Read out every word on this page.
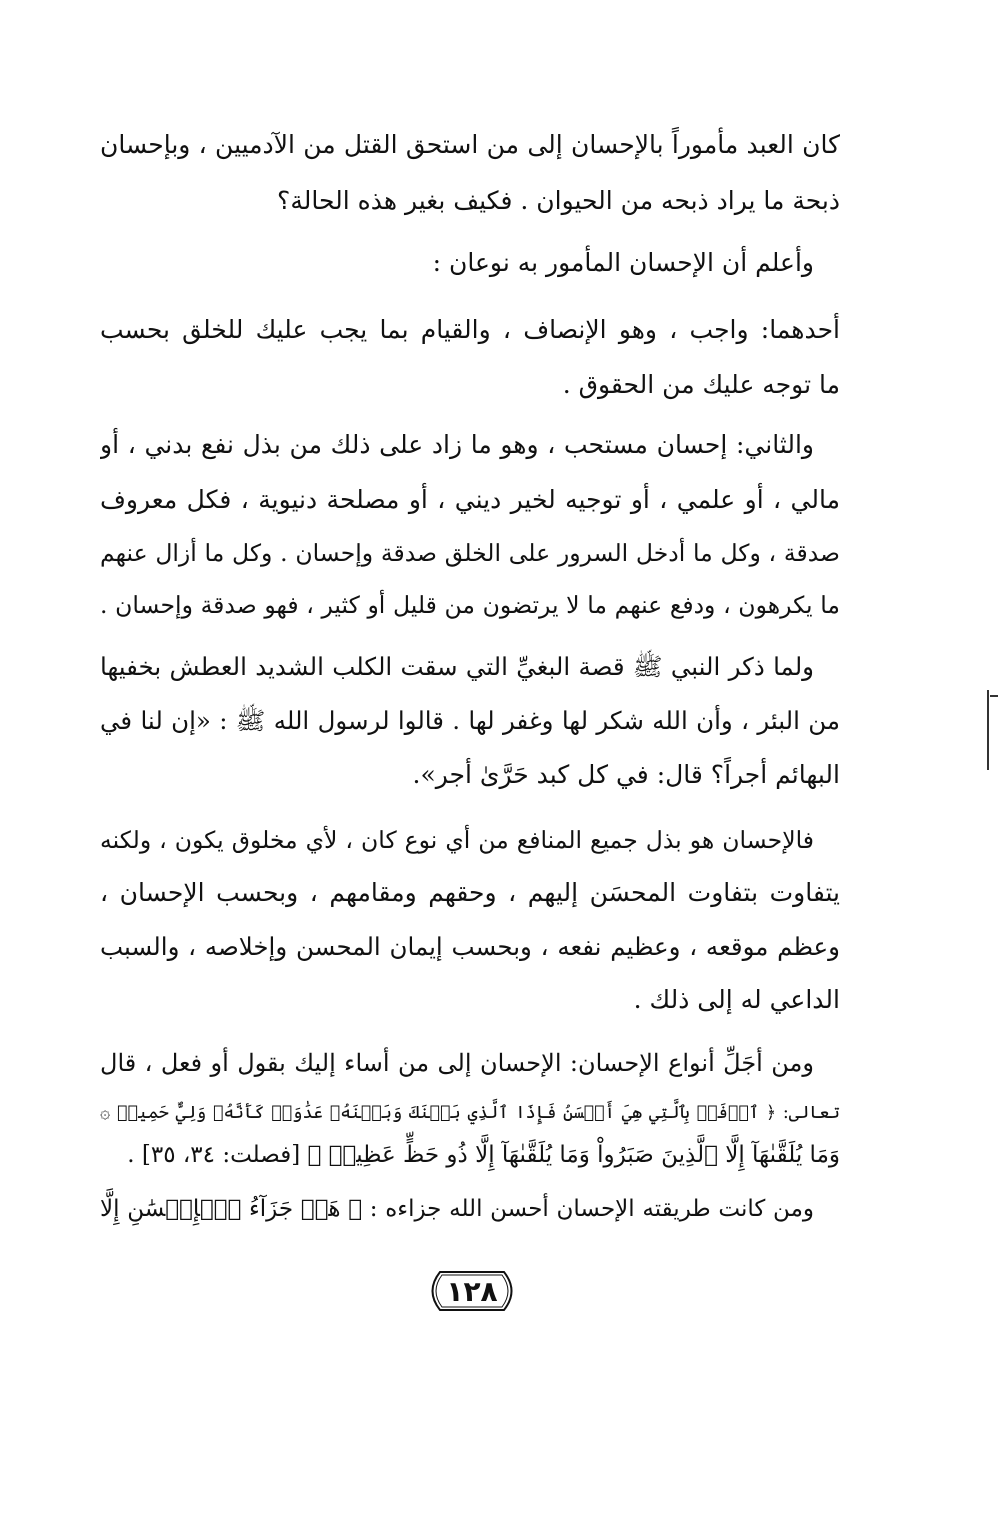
كان العبد مأموراً بالإحسان إلى من استحق القتل من الآدميين ، وبإحسان
ذبحة ما يراد ذبحه من الحيوان . فكيف بغير هذه الحالة؟
وأعلم أن الإحسان المأمور به نوعان :
أحدهما: واجب ، وهو الإنصاف ، والقيام بما يجب عليك للخلق بحسب
ما توجه عليك من الحقوق .
والثاني: إحسان مستحب ، وهو ما زاد على ذلك من بذل نفع بدني ، أو
مالي ، أو علمي ، أو توجيه لخير ديني ، أو مصلحة دنيوية ، فكل معروف
صدقة ، وكل ما أدخل السرور على الخلق صدقة وإحسان . وكل ما أزال عنهم
ما يكرهون ، ودفع عنهم ما لا يرتضون من قليل أو كثير ، فهو صدقة وإحسان .
ولما ذكر النبي ﷺ قصة البغيِّ التي سقت الكلب الشديد العطش بخفيها
من البئر ، وأن الله شكر لها وغفر لها . قالوا لرسول الله ﷺ : «إن لنا في
البهائم أجراً؟ قال: في كل كبد حَرَّىٰ أجر».
فالإحسان هو بذل جميع المنافع من أي نوع كان ، لأي مخلوق يكون ، ولكنه
يتفاوت بتفاوت المحسَن إليهم ، وحقهم ومقامهم ، وبحسب الإحسان ،
وعظم موقعه ، وعظيم نفعه ، وبحسب إيمان المحسن وإخلاصه ، والسبب
الداعي له إلى ذلك .
ومن أجَلِّ أنواع الإحسان: الإحسان إلى من أساء إليك بقول أو فعل ، قال
تعالى: ﴿ ٱدۡفَعۡ بِٱلَّتِي هِيَ أَحۡسَنُ فَإِذَا ٱلَّذِي بَيۡنَكَ وَبَيۡنَهُۥ عَدَٰوَةٞ كَأَنَّهُۥ وَلِيٌّ حَمِيمٞ ۞
وَمَا يُلَقَّىٰهَآ إِلَّا ٱلَّذِينَ صَبَرُواْ وَمَا يُلَقَّىٰهَآ إِلَّا ذُو حَظٍّ عَظِيمٖ ﴾ [فصلت: ٣٤، ٣٥] .
ومن كانت طريقته الإحسان أحسن الله جزاءه : ﴿ هَلۡ جَزَآءُ ٱلۡإِحۡسَٰنِ إِلَّا
١٢٨
